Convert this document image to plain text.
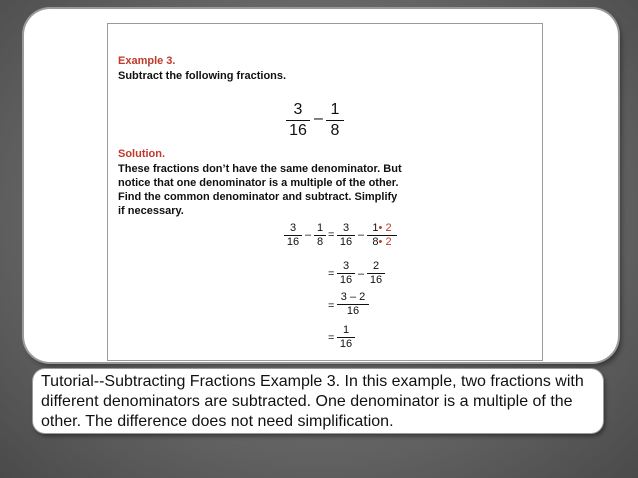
Example 3.
Subtract the following fractions.
3
16
–
1
8
Solution.
These fractions don’t have the same denominator. But
notice that one denominator is a multiple of the other.
Find the common denominator and subtract. Simplify
if necessary.
3
16
–
1
8
=
3
16
–
1• 2
8• 2
=
3
16 –
2
16
=
3 – 2
16
=
1
16
Tutorial--Subtracting Fractions Example 3. In this example, two fractions with different denominators are subtracted. One denominator is a multiple of the other. The difference does not need simplification.
